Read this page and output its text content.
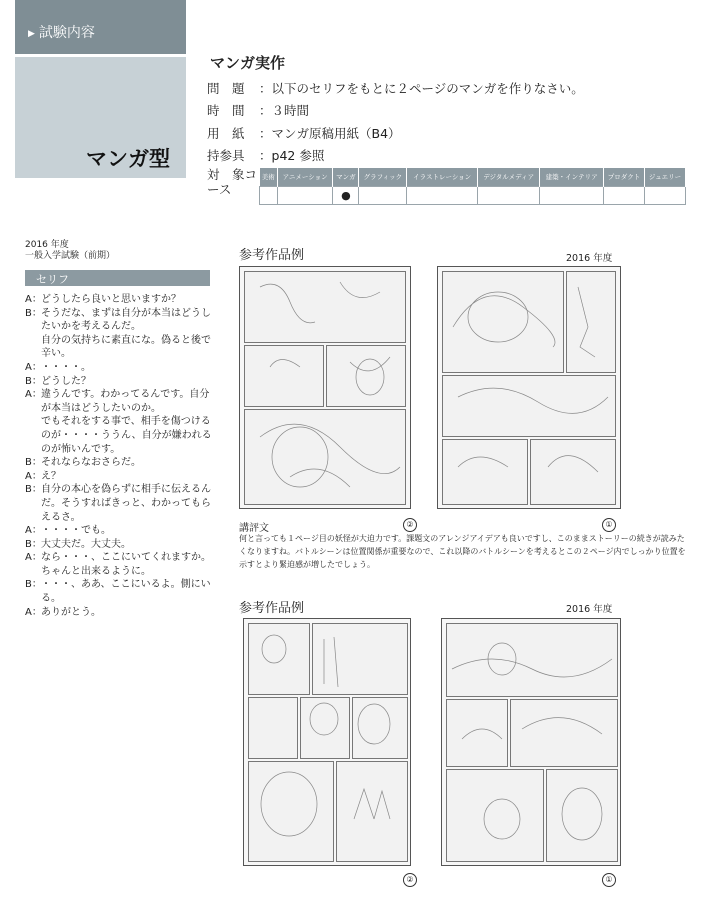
▶ 試験内容
マンガ型
マンガ実作
問　題 ：以下のセリフをもとに２ページのマンガを作りなさい。
時　間 ：３時間
用　紙 ：マンガ原稿用紙（B4）
持参具 ：p42 参照
対　象コース
美術	アニメーション	マンガ	グラフィック	イラストレーション	デジタルメディア	建築・インテリア	プロダクト	ジュエリー
		●						
2016 年度
一般入学試験（前期）
セリフ
A： どうしたら良いと思いますか？
B： そうだな、まずは自分が本当はどうしたいかを考えるんだ。
自分の気持ちに素直にな。偽ると後で辛い。
A： ・・・・。
B： どうした？
A： 違うんです。わかってるんです。自分が本当はどうしたいのか。
でもそれをする事で、相手を傷つけるのが・・・・ううん、自分が嫌われるのが怖いんです。
B： それならなおさらだ。
A： え？
B： 自分の本心を偽らずに相手に伝えるんだ。そうすればきっと、わかってもらえるさ。
A： ・・・・でも。
B： 大丈夫だ。大丈夫。
A： なら・・・、ここにいてくれますか。ちゃんと出来るように。
B： ・・・、ああ、ここにいるよ。側にいる。
A： ありがとう。
参考作品例	2016 年度
②	①
講評文
何と言っても１ページ目の妖怪が大迫力です。課題文のアレンジアイデアも良いですし、このままストーリーの続きが読みたくなりますね。バトルシーンは位置関係が重要なので、これ以降のバトルシーンを考えるとこの２ページ内でしっかり位置を示すとより緊迫感が増したでしょう。
参考作品例	2016 年度
②	①
